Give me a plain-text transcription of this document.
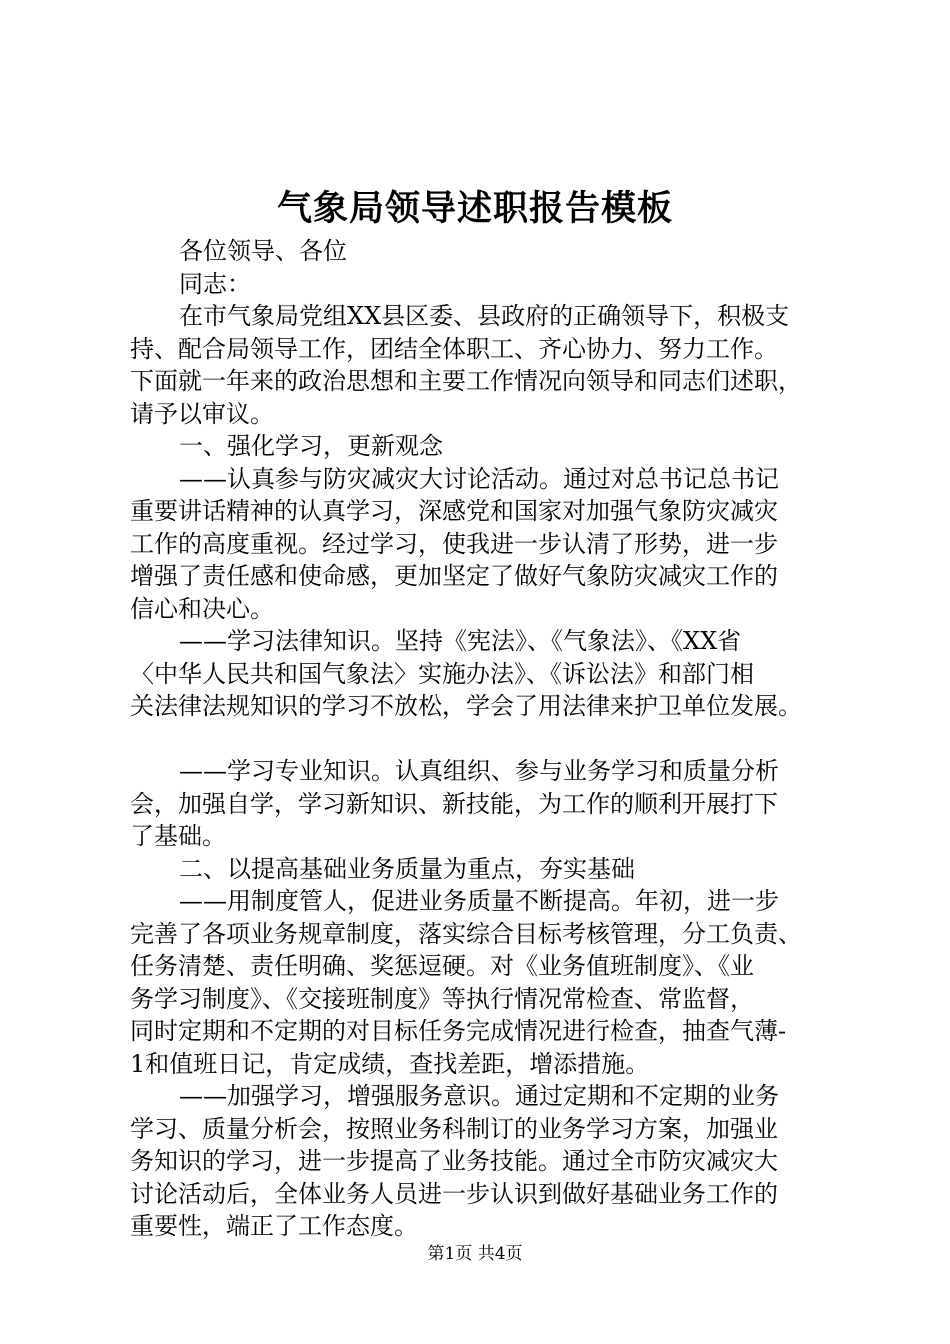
气象局领导述职报告模板
各位领导、各位
同志：
在市气象局党组XX县区委、县政府的正确领导下，积极支
持、配合局领导工作，团结全体职工、齐心协力、努力工作。
下面就一年来的政治思想和主要工作情况向领导和同志们述职，
请予以审议。
一、强化学习，更新观念
——认真参与防灾减灾大讨论活动。通过对总书记总书记
重要讲话精神的认真学习，深感党和国家对加强气象防灾减灾
工作的高度重视。经过学习，使我进一步认清了形势，进一步
增强了责任感和使命感，更加坚定了做好气象防灾减灾工作的
信心和决心。
——学习法律知识。坚持《宪法》、《气象法》、《XX省
〈中华人民共和国气象法〉实施办法》、《诉讼法》和部门相
关法律法规知识的学习不放松，学会了用法律来护卫单位发展。
——学习专业知识。认真组织、参与业务学习和质量分析
会，加强自学，学习新知识、新技能，为工作的顺利开展打下
了基础。
二、以提高基础业务质量为重点，夯实基础
——用制度管人，促进业务质量不断提高。年初，进一步
完善了各项业务规章制度，落实综合目标考核管理，分工负责、
任务清楚、责任明确、奖惩逗硬。对《业务值班制度》、《业
务学习制度》、《交接班制度》等执行情况常检查、常监督，
同时定期和不定期的对目标任务完成情况进行检查，抽查气薄-
1和值班日记，肯定成绩，查找差距，增添措施。
——加强学习，增强服务意识。通过定期和不定期的业务
学习、质量分析会，按照业务科制订的业务学习方案，加强业
务知识的学习，进一步提高了业务技能。通过全市防灾减灾大
讨论活动后，全体业务人员进一步认识到做好基础业务工作的
重要性，端正了工作态度。
第1页 共4页
